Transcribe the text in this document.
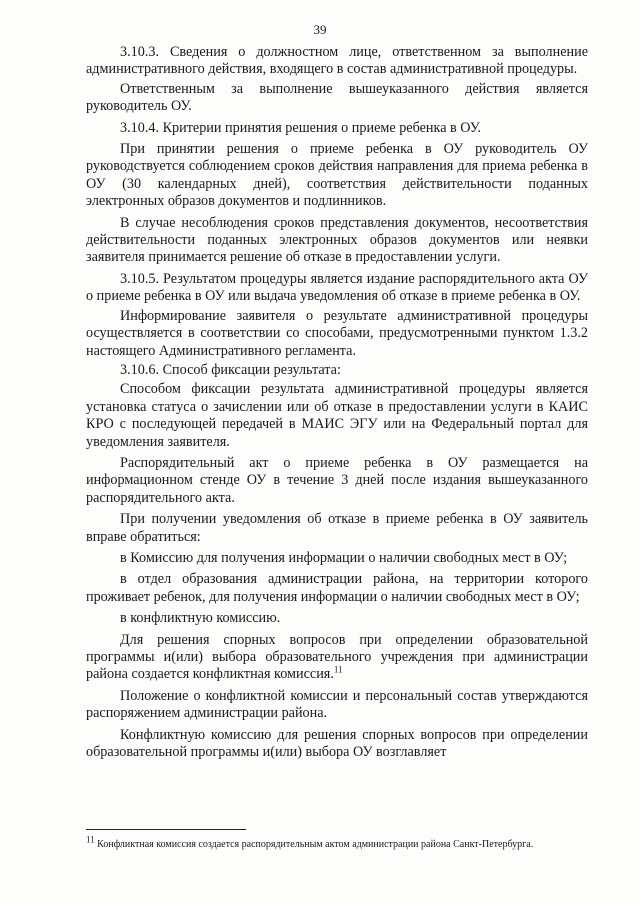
39

3.10.3. Сведения о должностном лице, ответственном за выполнение административного действия, входящего в состав административной процедуры.

Ответственным за выполнение вышеуказанного действия является руководитель ОУ.

3.10.4. Критерии принятия решения о приеме ребенка в ОУ.

При принятии решения о приеме ребенка в ОУ руководитель ОУ руководствуется соблюдением сроков действия направления для приема ребенка в ОУ (30 календарных дней), соответствия действительности поданных электронных образов документов и подлинников.

В случае несоблюдения сроков представления документов, несоответствия действительности поданных электронных образов документов или неявки заявителя принимается решение об отказе в предоставлении услуги.

3.10.5. Результатом процедуры является издание распорядительного акта ОУ о приеме ребенка в ОУ или выдача уведомления об отказе в приеме ребенка в ОУ.

Информирование заявителя о результате административной процедуры осуществляется в соответствии со способами, предусмотренными пунктом 1.3.2 настоящего Административного регламента.

3.10.6. Способ фиксации результата:

Способом фиксации результата административной процедуры является установка статуса о зачислении или об отказе в предоставлении услуги в КАИС КРО с последующей передачей в МАИС ЭГУ или на Федеральный портал для уведомления заявителя.

Распорядительный акт о приеме ребенка в ОУ размещается на информационном стенде ОУ в течение 3 дней после издания вышеуказанного распорядительного акта.

При получении уведомления об отказе в приеме ребенка в ОУ заявитель вправе обратиться:

в Комиссию для получения информации о наличии свободных мест в ОУ;

в отдел образования администрации района, на территории которого проживает ребенок, для получения информации о наличии свободных мест в ОУ;

в конфликтную комиссию.

Для решения спорных вопросов при определении образовательной программы и(или) выбора образовательного учреждения при администрации района создается конфликтная комиссия.$^{11}$

Положение о конфликтной комиссии и персональный состав утверждаются распоряжением администрации района.

Конфликтную комиссию для решения спорных вопросов при определении образовательной программы и(или) выбора ОУ возглавляет

$^{11}$ Конфликтная комиссия создается распорядительным актом администрации района Санкт-Петербурга.
